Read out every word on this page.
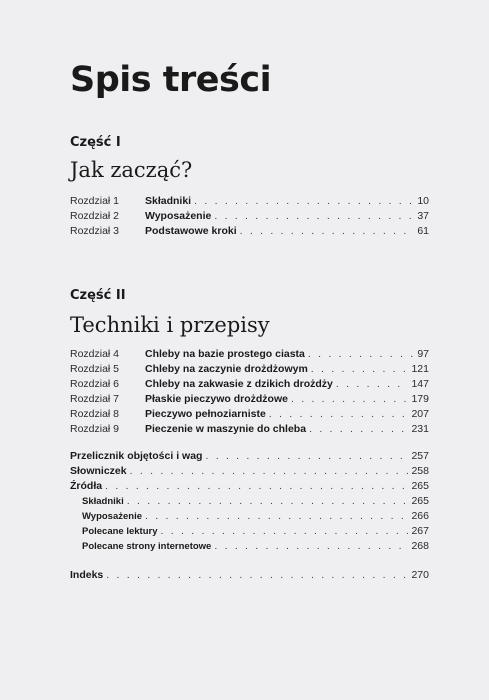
Spis treści
Część I
Jak zacząć?
Rozdział 1	Składniki . . .	10
Rozdział 2	Wyposażenie . . .	37
Rozdział 3	Podstawowe kroki . . .	61
Część II
Techniki i przepisy
Rozdział 4	Chleby na bazie prostego ciasta . . .	97
Rozdział 5	Chleby na zaczynie drożdżowym . . .	121
Rozdział 6	Chleby na zakwasie z dzikich drożdży . . .	147
Rozdział 7	Płaskie pieczywo drożdżowe . . .	179
Rozdział 8	Pieczywo pełnoziarniste . . .	207
Rozdział 9	Pieczenie w maszynie do chleba . . .	231
Przelicznik objętości i wag . . .	257
Słowniczek . . .	258
Źródła . . .	265
Składniki . . .	265
Wyposażenie . . .	266
Polecane lektury . . .	267
Polecane strony internetowe . . .	268
Indeks . . .	270
